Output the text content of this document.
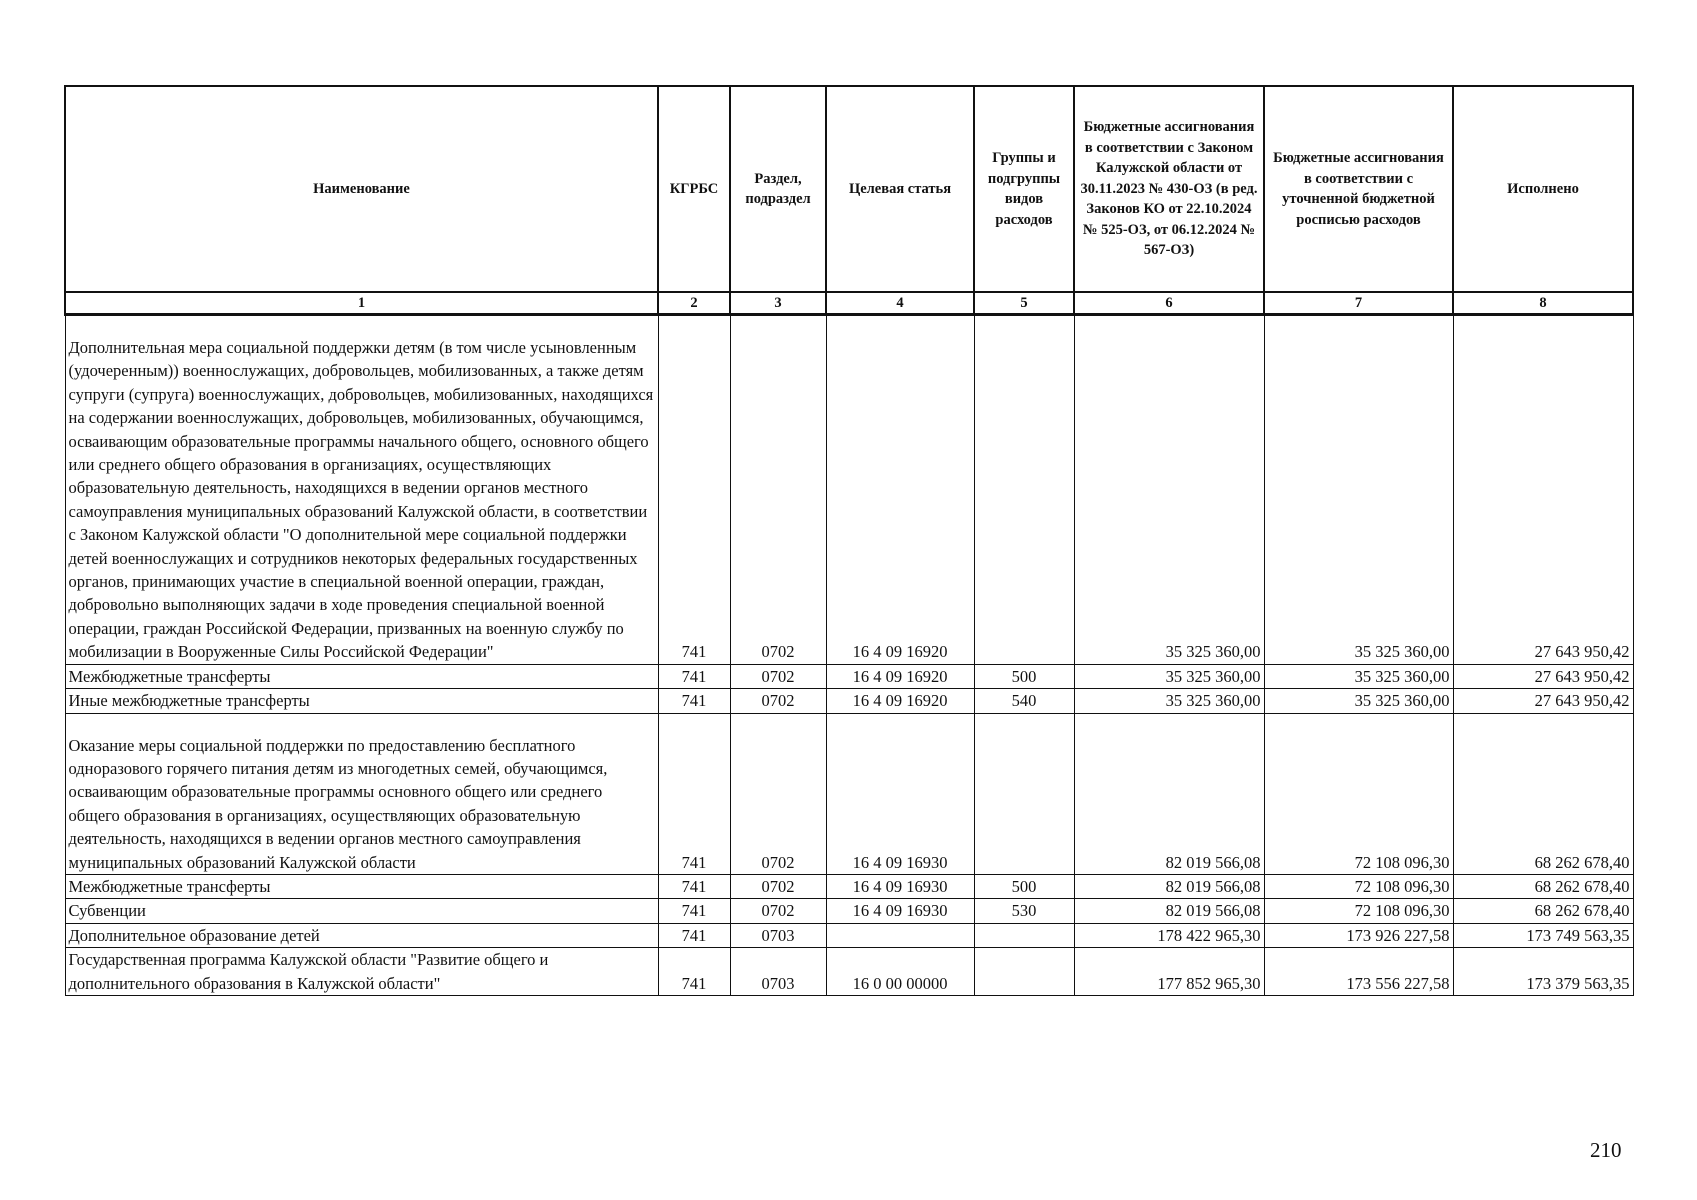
Наименование	КГРБС	Раздел, подраздел	Целевая статья	Группы и подгруппы видов расходов	Бюджетные ассигнования в соответствии с Законом Калужской области от 30.11.2023 № 430-ОЗ (в ред. Законов КО от 22.10.2024 № 525-ОЗ, от 06.12.2024 № 567-ОЗ)	Бюджетные ассигнования в соответствии с уточненной бюджетной росписью расходов	Исполнено
1	2	3	4	5	6	7	8
Дополнительная мера социальной поддержки детям (в том числе усыновленным (удочеренным)) военнослужащих, добровольцев, мобилизованных, а также детям супруги (супруга) военнослужащих, добровольцев, мобилизованных, находящихся на содержании военнослужащих, добровольцев, мобилизованных, обучающимся, осваивающим образовательные программы начального общего, основного общего или среднего общего образования в организациях, осуществляющих образовательную деятельность, находящихся в ведении органов местного самоуправления муниципальных образований Калужской области, в соответствии с Законом Калужской области "О дополнительной мере социальной поддержки детей военнослужащих и сотрудников некоторых федеральных государственных органов, принимающих участие в специальной военной операции, граждан, добровольно выполняющих задачи в ходе проведения специальной военной операции, граждан Российской Федерации, призванных на военную службу по мобилизации в Вооруженные Силы Российской Федерации"	741	0702	16 4 09 16920		35 325 360,00	35 325 360,00	27 643 950,42
Межбюджетные трансферты	741	0702	16 4 09 16920	500	35 325 360,00	35 325 360,00	27 643 950,42
Иные межбюджетные трансферты	741	0702	16 4 09 16920	540	35 325 360,00	35 325 360,00	27 643 950,42
Оказание меры социальной поддержки по предоставлению бесплатного одноразового горячего питания детям из многодетных семей, обучающимся, осваивающим образовательные программы основного общего или среднего общего образования в организациях, осуществляющих образовательную деятельность, находящихся в ведении органов местного самоуправления муниципальных образований Калужской области	741	0702	16 4 09 16930		82 019 566,08	72 108 096,30	68 262 678,40
Межбюджетные трансферты	741	0702	16 4 09 16930	500	82 019 566,08	72 108 096,30	68 262 678,40
Субвенции	741	0702	16 4 09 16930	530	82 019 566,08	72 108 096,30	68 262 678,40
Дополнительное образование детей	741	0703			178 422 965,30	173 926 227,58	173 749 563,35
Государственная программа Калужской области "Развитие общего и дополнительного образования в Калужской области"	741	0703	16 0 00 00000		177 852 965,30	173 556 227,58	173 379 563,35
210
